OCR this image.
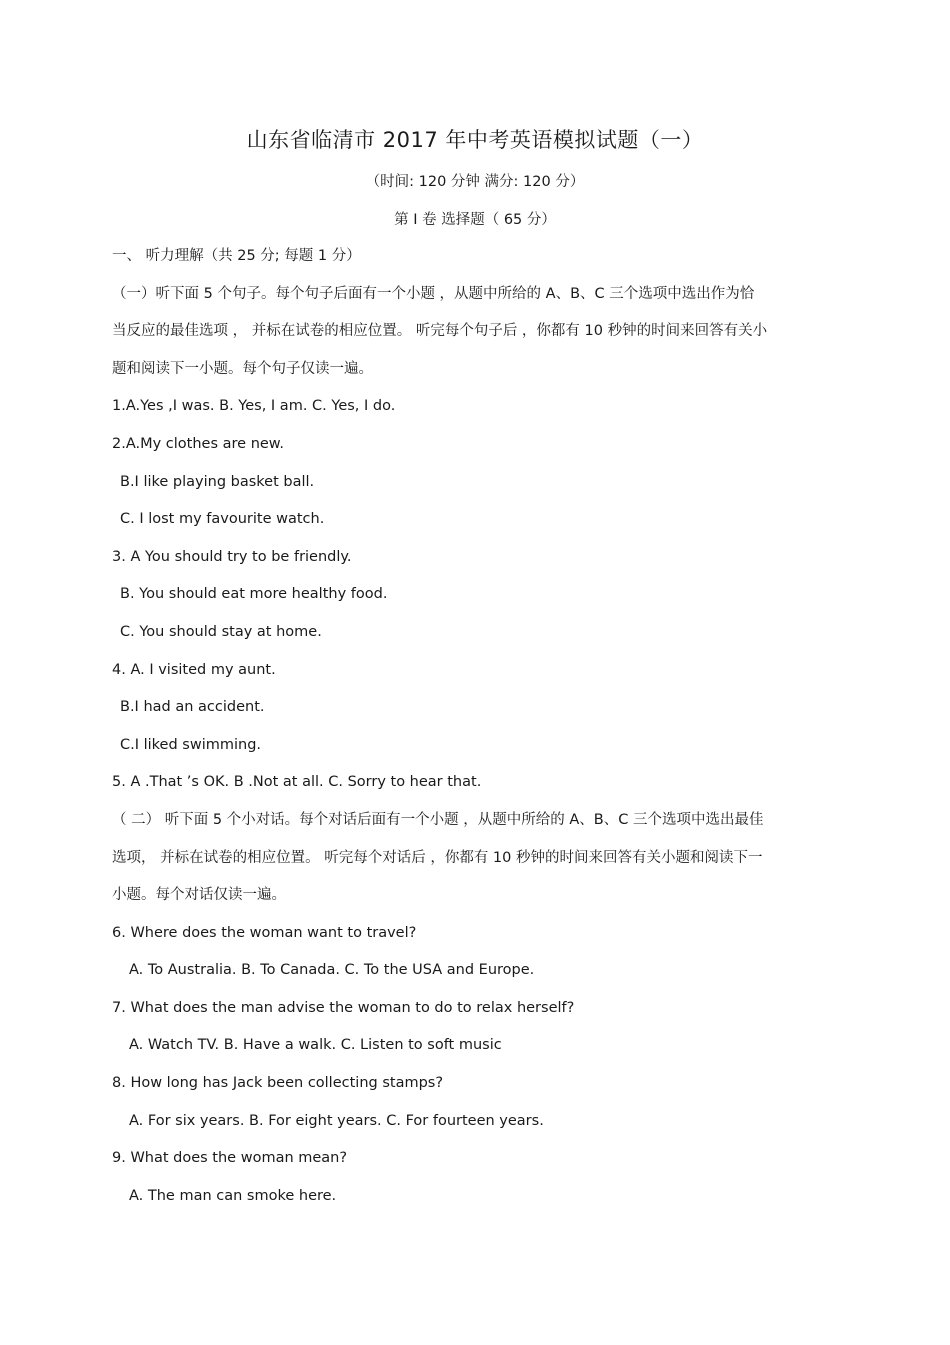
山东省临清市 2017 年中考英语模拟试题（一）
（时间: 120 分钟 满分: 120 分）
第 I 卷 选择题（ 65 分）

一、 听力理解（共 25 分; 每题 1 分）

（一）听下面 5 个句子。每个句子后面有一个小题 ，从题中所给的 A、B、C 三个选项中选出作为恰

当反应的最佳选项 ， 并标在试卷的相应位置。 听完每个句子后 ，你都有 10 秒钟的时间来回答有关小

题和阅读下一小题。每个句子仅读一遍。

1.A.Yes ,I was. B. Yes, I am. C. Yes, I do.

2.A.My clothes are new.

B.I like playing basket ball.

C. I lost my favourite watch.

3. A You should try to be friendly.

B. You should eat more healthy food.

C. You should stay at home.

4. A. I visited my aunt.

B.I had an accident.

C.I liked swimming.

5. A .That ’s OK. B .Not at all. C. Sorry to hear that.

（ 二） 听下面 5 个小对话。每个对话后面有一个小题 ，从题中所给的 A、B、C 三个选项中选出最佳

选项， 并标在试卷的相应位置。 听完每个对话后 ，你都有 10 秒钟的时间来回答有关小题和阅读下一

小题。每个对话仅读一遍。

6. Where does the woman want to travel?

A. To Australia. B. To Canada. C. To the USA and Europe.

7. What does the man advise the woman to do to relax herself?

A. Watch TV. B. Have a walk. C. Listen to soft music

8. How long has Jack been collecting stamps?

A. For six years. B. For eight years. C. For fourteen years.

9. What does the woman mean?

A. The man can smoke here.
